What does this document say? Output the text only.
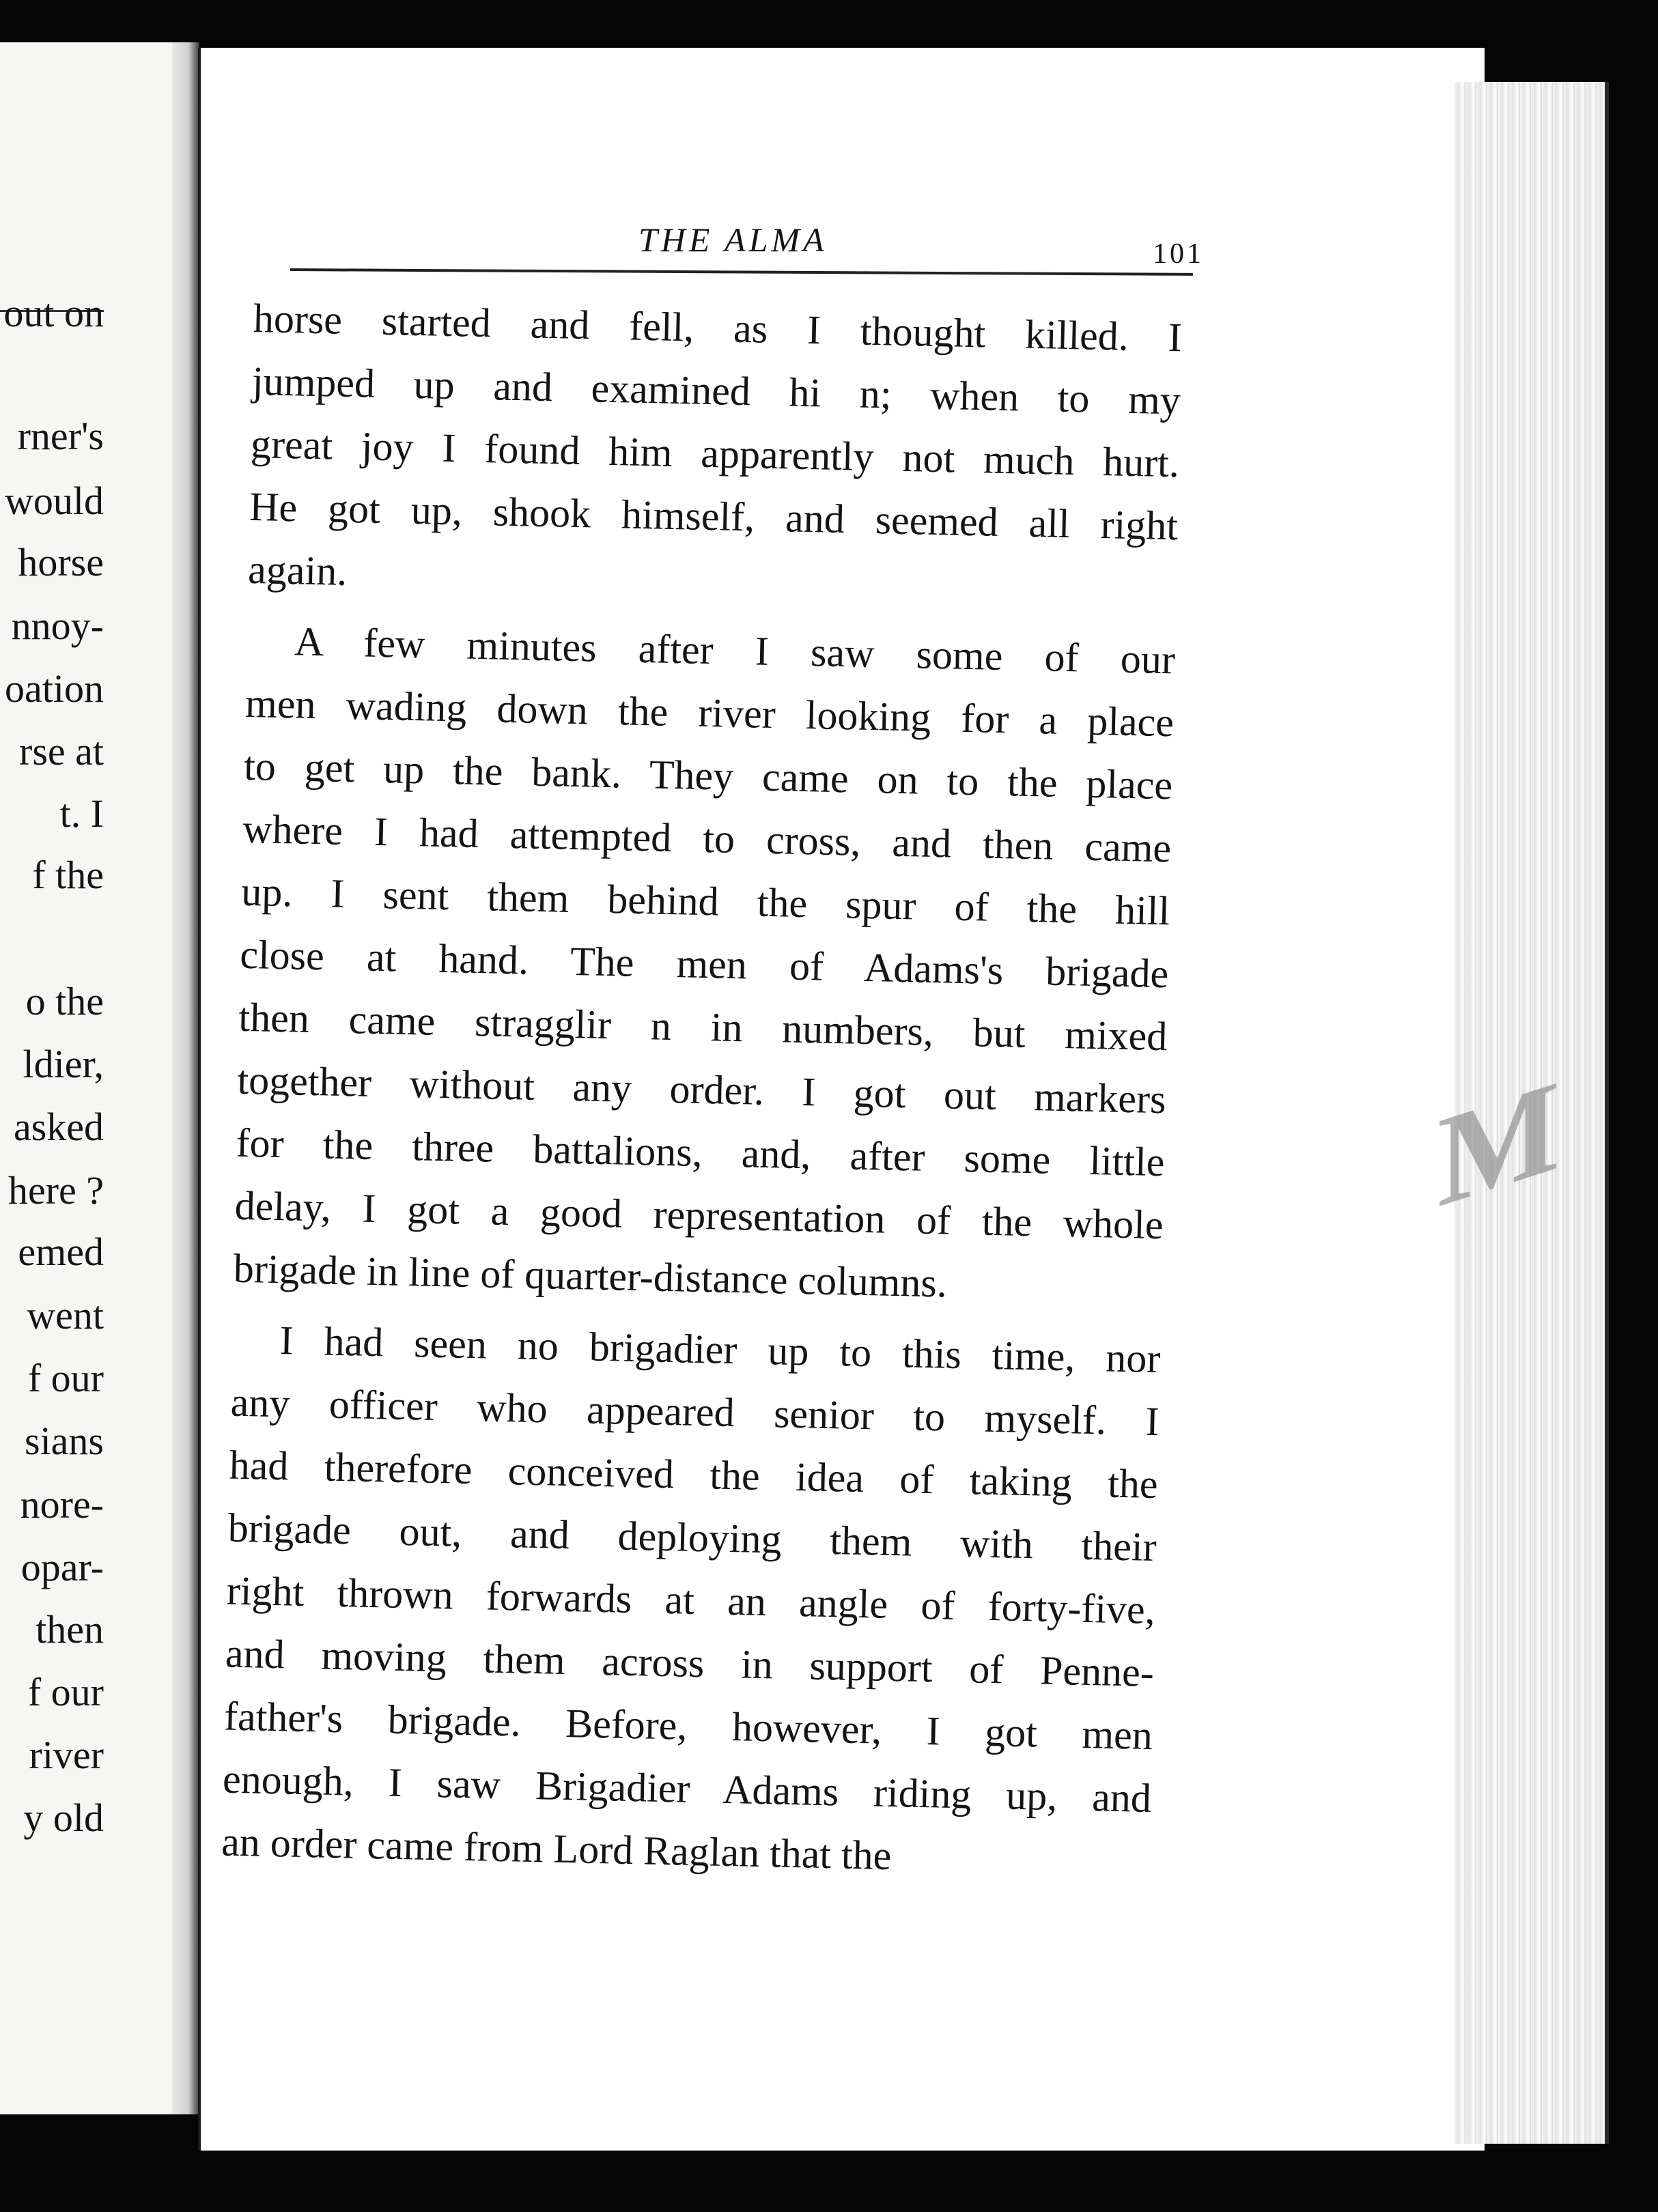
out on
rner's
would
horse
nnoy-
oation
rse at
t. I
f the
o the
ldier,
asked
here ?
emed
went
f our
sians
nore-
opar-
then
f our
river
y old
M
THE ALMA	101
horse started and fell, as I thought killed. I
jumped up and examined hi n; when to my
great joy I found him apparently not much hurt.
He got up, shook himself, and seemed all right
again.
A few minutes after I saw some of our
men wading down the river looking for a place
to get up the bank. They came on to the place
where I had attempted to cross, and then came
up. I sent them behind the spur of the hill
close at hand. The men of Adams's brigade
then came stragglir n in numbers, but mixed
together without any order. I got out markers
for the three battalions, and, after some little
delay, I got a good representation of the whole
brigade in line of quarter-distance columns.
I had seen no brigadier up to this time, nor
any officer who appeared senior to myself. I
had therefore conceived the idea of taking the
brigade out, and deploying them with their
right thrown forwards at an angle of forty-five,
and moving them across in support of Penne-
father's brigade. Before, however, I got men
enough, I saw Brigadier Adams riding up, and
an order came from Lord Raglan that the
